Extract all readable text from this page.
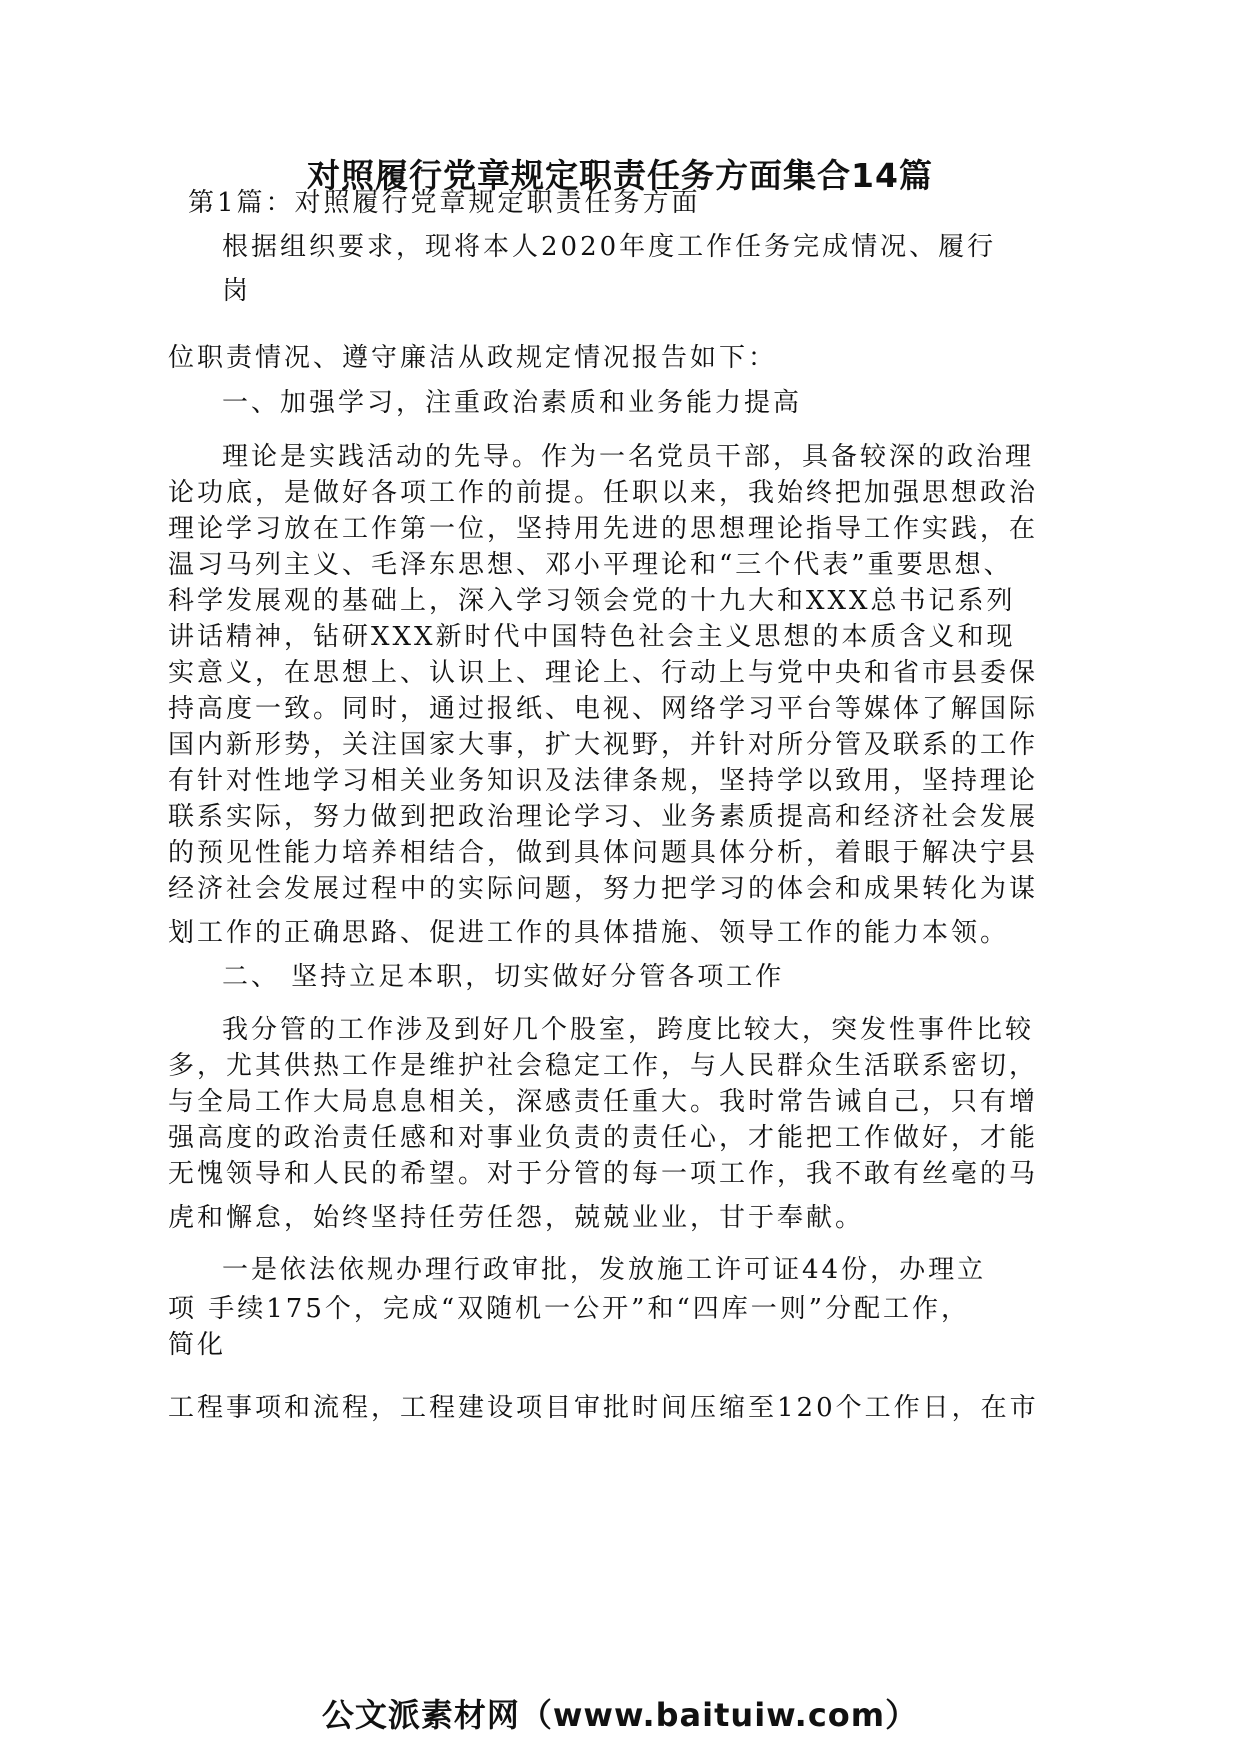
对照履行党章规定职责任务方面集合14篇
第1篇：对照履行党章规定职责任务方面
根据组织要求，现将本人2020年度工作任务完成情况、履行
岗
位职责情况、遵守廉洁从政规定情况报告如下：
一、加强学习，注重政治素质和业务能力提高
理论是实践活动的先导。作为一名党员干部，具备较深的政治理
论功底，是做好各项工作的前提。任职以来，我始终把加强思想政治
理论学习放在工作第一位，坚持用先进的思想理论指导工作实践，在
温习马列主义、毛泽东思想、邓小平理论和“三个代表”重要思想、
科学发展观的基础上，深入学习领会党的十九大和XXX总书记系列
讲话精神，钻研XXX新时代中国特色社会主义思想的本质含义和现
实意义，在思想上、认识上、理论上、行动上与党中央和省市县委保
持高度一致。同时，通过报纸、电视、网络学习平台等媒体了解国际
国内新形势，关注国家大事，扩大视野，并针对所分管及联系的工作
有针对性地学习相关业务知识及法律条规，坚持学以致用，坚持理论
联系实际，努力做到把政治理论学习、业务素质提高和经济社会发展
的预见性能力培养相结合，做到具体问题具体分析，着眼于解决宁县
经济社会发展过程中的实际问题，努力把学习的体会和成果转化为谋
划工作的正确思路、促进工作的具体措施、领导工作的能力本领。
二、 坚持立足本职，切实做好分管各项工作
我分管的工作涉及到好几个股室，跨度比较大，突发性事件比较
多，尤其供热工作是维护社会稳定工作，与人民群众生活联系密切，
与全局工作大局息息相关，深感责任重大。我时常告诫自己，只有增
强高度的政治责任感和对事业负责的责任心，才能把工作做好，才能
无愧领导和人民的希望。对于分管的每一项工作，我不敢有丝毫的马
虎和懈怠，始终坚持任劳任怨，兢兢业业，甘于奉献。
一是依法依规办理行政审批，发放施工许可证44份，办理立
项 手续175个，完成“双随机一公开”和“四库一则”分配工作，
简化
工程事项和流程，工程建设项目审批时间压缩至120个工作日，在市
公文派素材网（www.baituiw.com）
